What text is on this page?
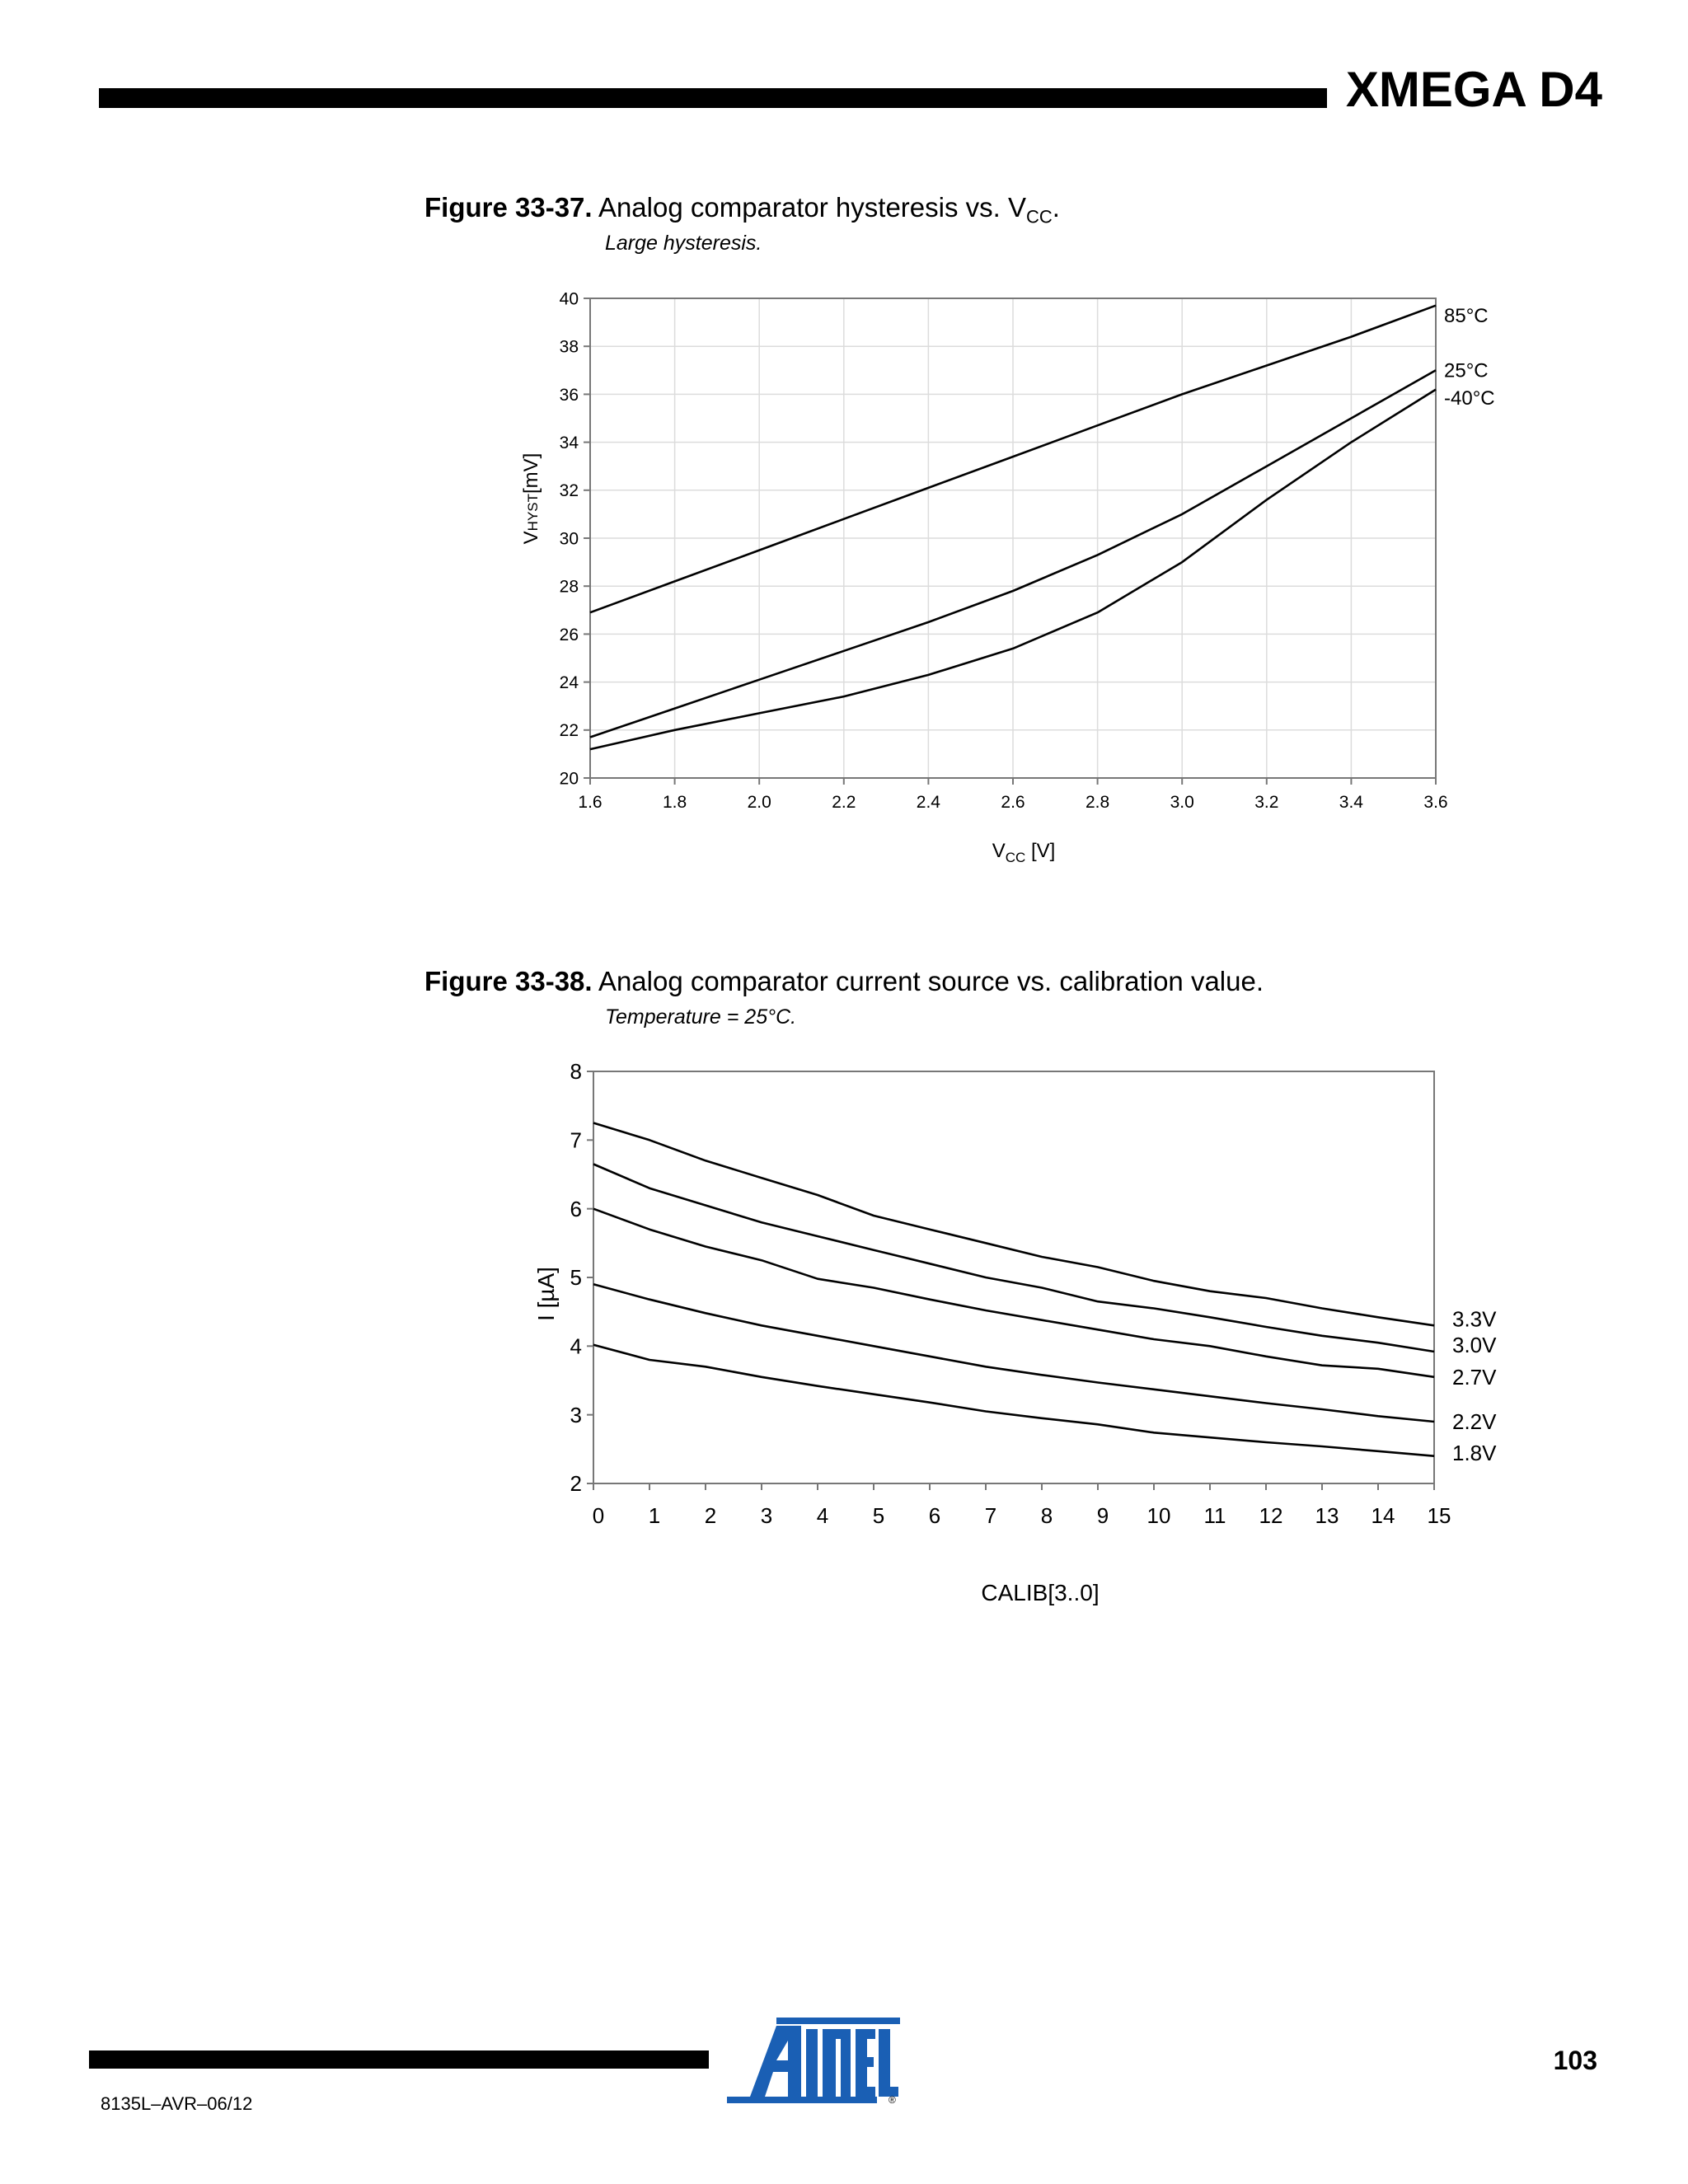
XMEGA D4
Figure 33-37. Analog comparator hysteresis vs. $V_{CC}$.
Large hysteresis.
1.6	1.8	2.0	2.2	2.4	2.6	2.8	3.0	3.2	3.4	3.6
20
22
24
26
28
30
32
34
36
38
40
85°C
25°C
-40°C
VHYST[mV]
$V_{CC}$ [V]
Figure 33-38. Analog comparator current source vs. calibration value.
Temperature = 25°C.
0 1 2 3 4 5 6 7 8 9 10 11 12 13 14 15
2
3
4
5
6
7
8
3.3V
3.0V
2.7V
2.2V
1.8V
I [µA]
CALIB[3..0]
103
8135L–AVR–06/12	®
